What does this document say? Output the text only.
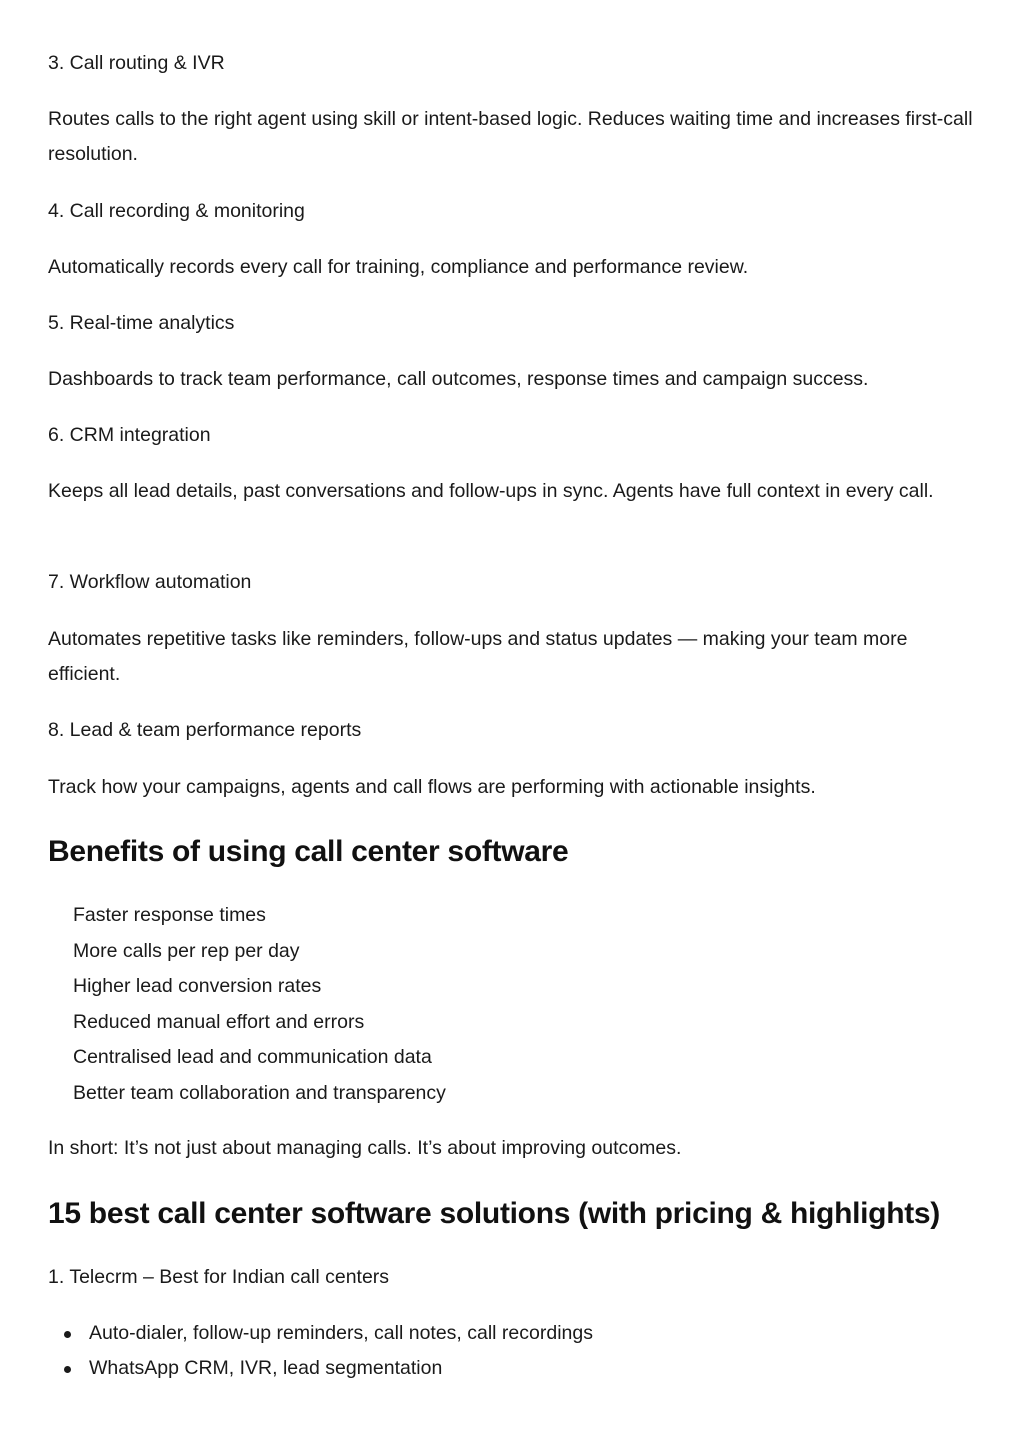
3. Call routing & IVR

Routes calls to the right agent using skill or intent-based logic. Reduces waiting time and increases first-call resolution.

4. Call recording & monitoring

Automatically records every call for training, compliance and performance review.

5. Real-time analytics

Dashboards to track team performance, call outcomes, response times and campaign success.

6. CRM integration

Keeps all lead details, past conversations and follow-ups in sync. Agents have full context in every call.

7. Workflow automation

Automates repetitive tasks like reminders, follow-ups and status updates — making your team more efficient.

8. Lead & team performance reports

Track how your campaigns, agents and call flows are performing with actionable insights.

Benefits of using call center software
Faster response times
More calls per rep per day
Higher lead conversion rates
Reduced manual effort and errors
Centralised lead and communication data
Better team collaboration and transparency

In short: It’s not just about managing calls. It’s about improving outcomes.

15 best call center software solutions (with pricing & highlights)

1. Telecrm – Best for Indian call centers

Auto-dialer, follow-up reminders, call notes, call recordings
WhatsApp CRM, IVR, lead segmentation
